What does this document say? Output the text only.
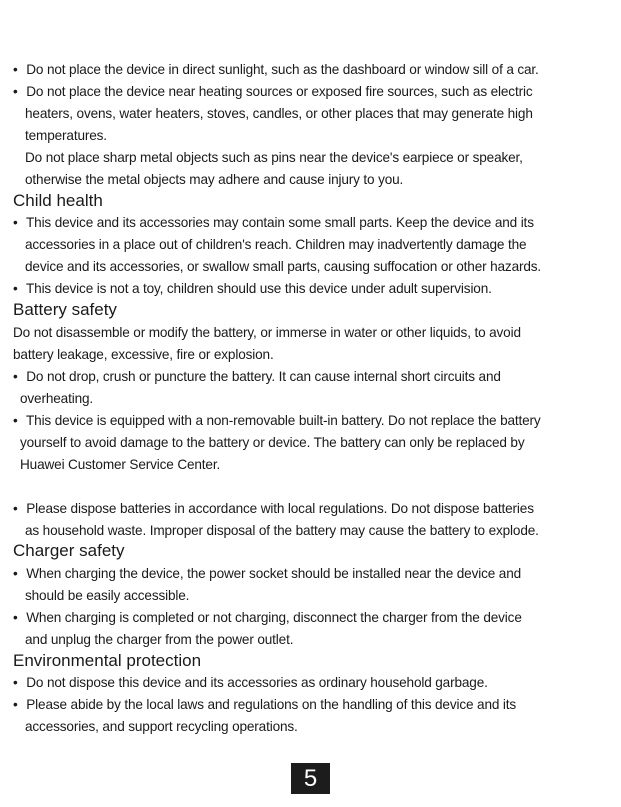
• Do not place the device in direct sunlight, such as the dashboard or window sill of a car.
• Do not place the device near heating sources or exposed fire sources, such as electric
heaters, ovens, water heaters, stoves, candles, or other places that may generate high
temperatures.
Do not place sharp metal objects such as pins near the device's earpiece or speaker,
otherwise the metal objects may adhere and cause injury to you.
Child health
• This device and its accessories may contain some small parts. Keep the device and its
accessories in a place out of children's reach. Children may inadvertently damage the
device and its accessories, or swallow small parts, causing suffocation or other hazards.
• This device is not a toy, children should use this device under adult supervision.
Battery safety
Do not disassemble or modify the battery, or immerse in water or other liquids, to avoid
battery leakage, excessive, fire or explosion.
• Do not drop, crush or puncture the battery. It can cause internal short circuits and
overheating.
• This device is equipped with a non-removable built-in battery. Do not replace the battery
yourself to avoid damage to the battery or device. The battery can only be replaced by
Huawei Customer Service Center.
• Please dispose batteries in accordance with local regulations. Do not dispose batteries
as household waste. Improper disposal of the battery may cause the battery to explode.
Charger safety
• When charging the device, the power socket should be installed near the device and
should be easily accessible.
• When charging is completed or not charging, disconnect the charger from the device
and unplug the charger from the power outlet.
Environmental protection
• Do not dispose this device and its accessories as ordinary household garbage.
• Please abide by the local laws and regulations on the handling of this device and its
accessories, and support recycling operations.
5
